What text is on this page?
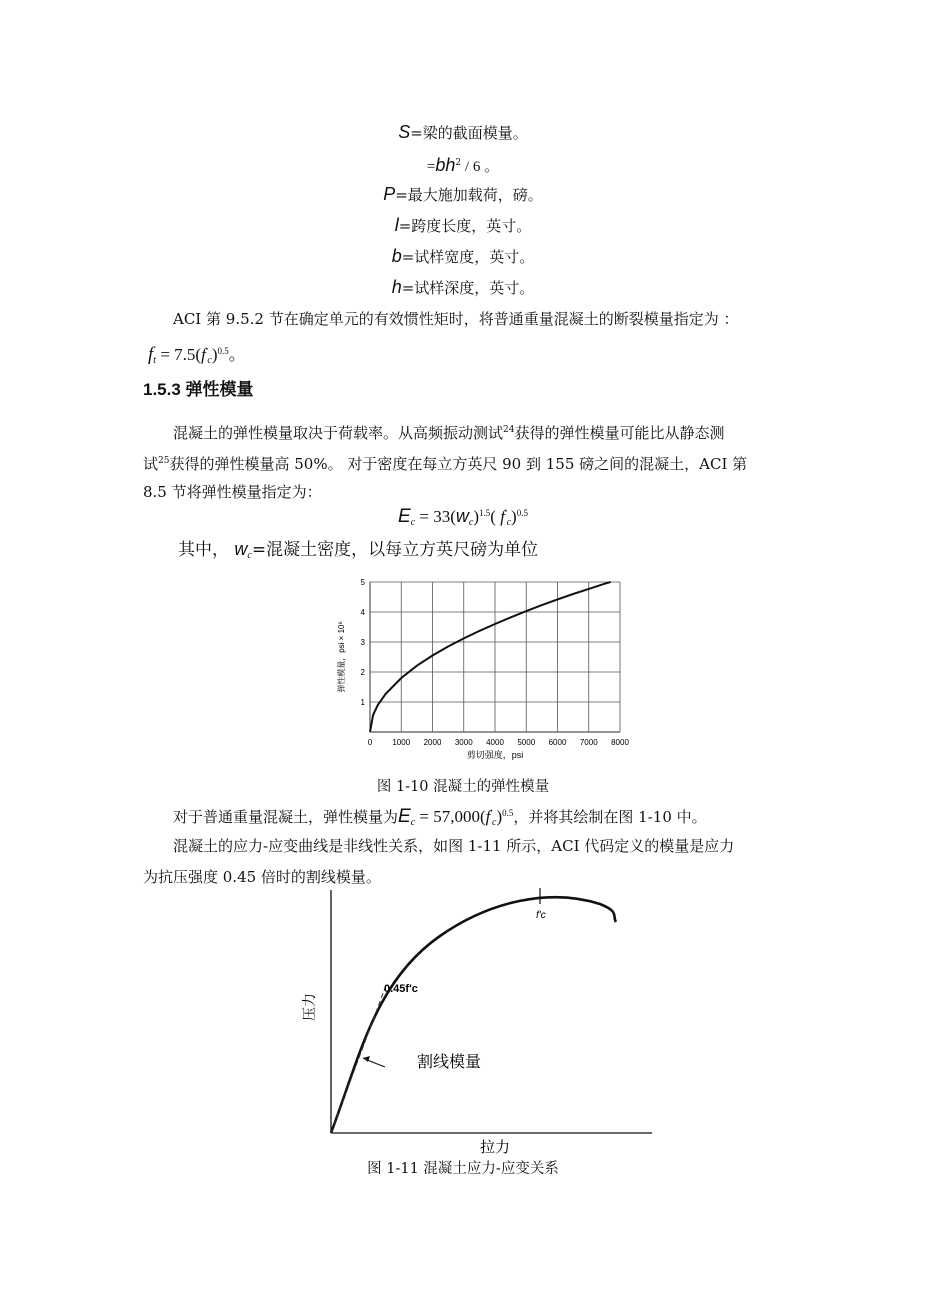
S=梁的截面模量。
$=bh^2 / 6$ 。
P=最大施加载荷，磅。
l=跨度长度，英寸。
b=试样宽度，英寸。
h=试样深度，英寸。
ACI 第 9.5.2 节在确定单元的有效惯性矩时，将普通重量混凝土的断裂模量指定为 ：
$f_t = 7.5(f'_c)^{0.5}$。
1.5.3 弹性模量
混凝土的弹性模量取决于荷载率。从高频振动测试$^{24}$获得的弹性模量可能比从静态测
试$^{25}$获得的弹性模量高 50%。 对于密度在每立方英尺 90 到 155 磅之间的混凝土，ACI 第
8.5 节将弹性模量指定为：
$E_c = 33(w_c)^{1.5}$( $f'_c)^{0.5}$
其中， $w_c=$混凝土密度，以每立方英尺磅为单位
0	1000 2000 3000 4000 5000 6000 7000 8000
1
2
3
4
5
剪切强度，psi
弹性模量，psi × 10⁶
图 1-10 混凝土的弹性模量
对于普通重量混凝土，弹性模量为$E_c = 57,000(f'_c)^{0.5}$，并将其绘制在图 1-10 中。
混凝土的应力-应变曲线是非线性关系，如图 1-11 所示，ACI 代码定义的模量是应力
为抗压强度 0.45 倍时的割线模量。
f'c
0.45f'c
割线模量
压力
拉力
图 1-11 混凝土应力-应变关系
